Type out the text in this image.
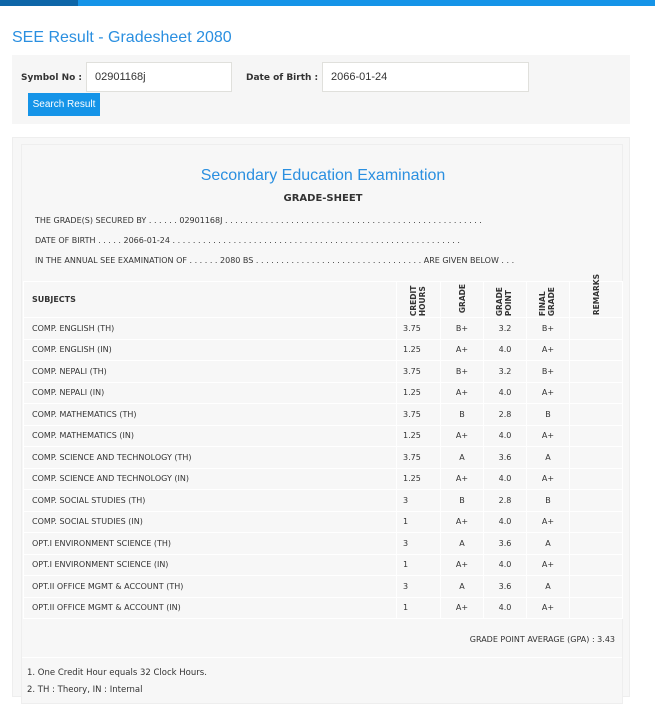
SEE Result - Gradesheet 2080
Symbol No :	02901168j	Date of Birth :	2066-01-24
Search Result
Secondary Education Examination
GRADE-SHEET
THE GRADE(S) SECURED BY . . . . . . 02901168J . . . . . . . . . . . . . . . . . . . . . . . . . . . . . . . . . . . . . . . . . . . . . . . . . . .
DATE OF BIRTH . . . . . 2066-01-24 . . . . . . . . . . . . . . . . . . . . . . . . . . . . . . . . . . . . . . . . . . . . . . . . . . . . . . . . .
IN THE ANNUAL SEE EXAMINATION OF . . . . . . 2080 BS . . . . . . . . . . . . . . . . . . . . . . . . . . . . . . . . . ARE GIVEN BELOW . . .
SUBJECTS	CREDIT HOURS	GRADE	GRADE POINT	FINAL GRADE	REMARKS
COMP. ENGLISH (TH)	3.75	B+	3.2	B+	
COMP. ENGLISH (IN)	1.25	A+	4.0	A+	
COMP. NEPALI (TH)	3.75	B+	3.2	B+	
COMP. NEPALI (IN)	1.25	A+	4.0	A+	
COMP. MATHEMATICS (TH)	3.75	B	2.8	B	
COMP. MATHEMATICS (IN)	1.25	A+	4.0	A+	
COMP. SCIENCE AND TECHNOLOGY (TH)	3.75	A	3.6	A	
COMP. SCIENCE AND TECHNOLOGY (IN)	1.25	A+	4.0	A+	
COMP. SOCIAL STUDIES (TH)	3	B	2.8	B	
COMP. SOCIAL STUDIES (IN)	1	A+	4.0	A+	
OPT.I ENVIRONMENT SCIENCE (TH)	3	A	3.6	A	
OPT.I ENVIRONMENT SCIENCE (IN)	1	A+	4.0	A+	
OPT.II OFFICE MGMT & ACCOUNT (TH)	3	A	3.6	A	
OPT.II OFFICE MGMT & ACCOUNT (IN)	1	A+	4.0	A+	
GRADE POINT AVERAGE (GPA) : 3.43
1. One Credit Hour equals 32 Clock Hours.
2. TH : Theory, IN : Internal
